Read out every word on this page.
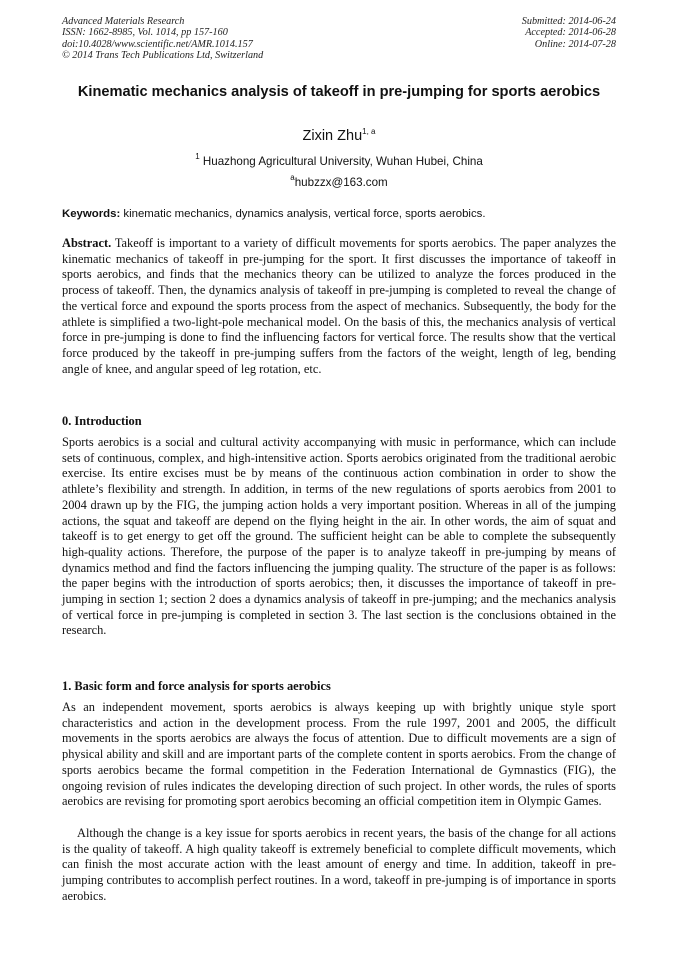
Advanced Materials Research
ISSN: 1662-8985, Vol. 1014, pp 157-160
doi:10.4028/www.scientific.net/AMR.1014.157
© 2014 Trans Tech Publications Ltd, Switzerland
Submitted: 2014-06-24
Accepted: 2014-06-28
Online: 2014-07-28
Kinematic mechanics analysis of takeoff in pre-jumping for sports aerobics
Zixin Zhu$^{1, a}$
$^1$ Huazhong Agricultural University, Wuhan Hubei, China
$^a$hubzzx@163.com
Keywords: kinematic mechanics, dynamics analysis, vertical force, sports aerobics.

Abstract. Takeoff is important to a variety of difficult movements for sports aerobics. The paper analyzes the kinematic mechanics of takeoff in pre-jumping for the sport. It first discusses the importance of takeoff in sports aerobics, and finds that the mechanics theory can be utilized to analyze the forces produced in the process of takeoff. Then, the dynamics analysis of takeoff in pre-jumping is completed to reveal the change of the vertical force and expound the sports process from the aspect of mechanics. Subsequently, the body for the athlete is simplified a two-light-pole mechanical model. On the basis of this, the mechanics analysis of vertical force in pre-jumping is done to find the influencing factors for vertical force. The results show that the vertical force produced by the takeoff in pre-jumping suffers from the factors of the weight, length of leg, bending angle of knee, and angular speed of leg rotation, etc.

0. Introduction

Sports aerobics is a social and cultural activity accompanying with music in performance, which can include sets of continuous, complex, and high-intensitive action. Sports aerobics originated from the traditional aerobic exercise. Its entire excises must be by means of the continuous action combination in order to show the athlete’s flexibility and strength. In addition, in terms of the new regulations of sports aerobics from 2001 to 2004 drawn up by the FIG, the jumping action holds a very important position. Whereas in all of the jumping actions, the squat and takeoff are depend on the flying height in the air. In other words, the aim of squat and takeoff is to get energy to get off the ground. The sufficient height can be able to complete the subsequently high-quality actions. Therefore, the purpose of the paper is to analyze takeoff in pre-jumping by means of dynamics method and find the factors influencing the jumping quality. The structure of the paper is as follows: the paper begins with the introduction of sports aerobics; then, it discusses the importance of takeoff in pre-jumping in section 1; section 2 does a dynamics analysis of takeoff in pre-jumping; and the mechanics analysis of vertical force in pre-jumping is completed in section 3. The last section is the conclusions obtained in the research.

1. Basic form and force analysis for sports aerobics

As an independent movement, sports aerobics is always keeping up with brightly unique style sport characteristics and action in the development process. From the rule 1997, 2001 and 2005, the difficult movements in the sports aerobics are always the focus of attention. Due to difficult movements are a sign of physical ability and skill and are important parts of the complete content in sports aerobics. From the change of sports aerobics became the formal competition in the Federation International de Gymnastics (FIG), the ongoing revision of rules indicates the developing direction of such project. In other words, the rules of sports aerobics are revising for promoting sport aerobics becoming an official competition item in Olympic Games.

Although the change is a key issue for sports aerobics in recent years, the basis of the change for all actions is the quality of takeoff. A high quality takeoff is extremely beneficial to complete difficult movements, which can finish the most accurate action with the least amount of energy and time. In addition, takeoff in pre-jumping contributes to accomplish perfect routines. In a word, takeoff in pre-jumping is of importance in sports aerobics.
